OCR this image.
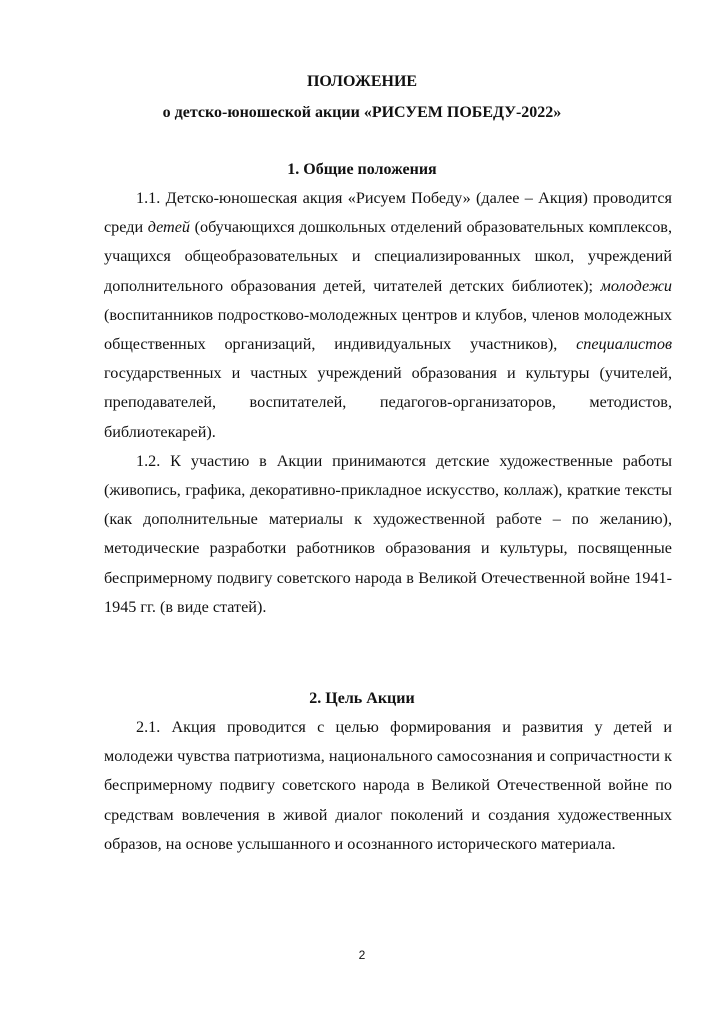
ПОЛОЖЕНИЕ
о детско-юношеской акции «РИСУЕМ ПОБЕДУ-2022»
1. Общие положения

1.1. Детско-юношеская акция «Рисуем Победу» (далее – Акция) проводится среди детей (обучающихся дошкольных отделений образовательных комплексов, учащихся общеобразовательных и специализированных школ, учреждений дополнительного образования детей, читателей детских библиотек); молодежи (воспитанников подростково-молодежных центров и клубов, членов молодежных общественных организаций, индивидуальных участников), специалистов государственных и частных учреждений образования и культуры (учителей, преподавателей, воспитателей, педагогов-организаторов, методистов, библиотекарей).

1.2. К участию в Акции принимаются детские художественные работы (живопись, графика, декоративно-прикладное искусство, коллаж), краткие тексты (как дополнительные материалы к художественной работе – по желанию), методические разработки работников образования и культуры, посвященные беспримерному подвигу советского народа в Великой Отечественной войне 1941-1945 гг. (в виде статей).

2. Цель Акции

2.1. Акция проводится с целью формирования и развития у детей и молодежи чувства патриотизма, национального самосознания и сопричастности к беспримерному подвигу советского народа в Великой Отечественной войне по средствам вовлечения в живой диалог поколений и создания художественных образов, на основе услышанного и осознанного исторического материала.

2
